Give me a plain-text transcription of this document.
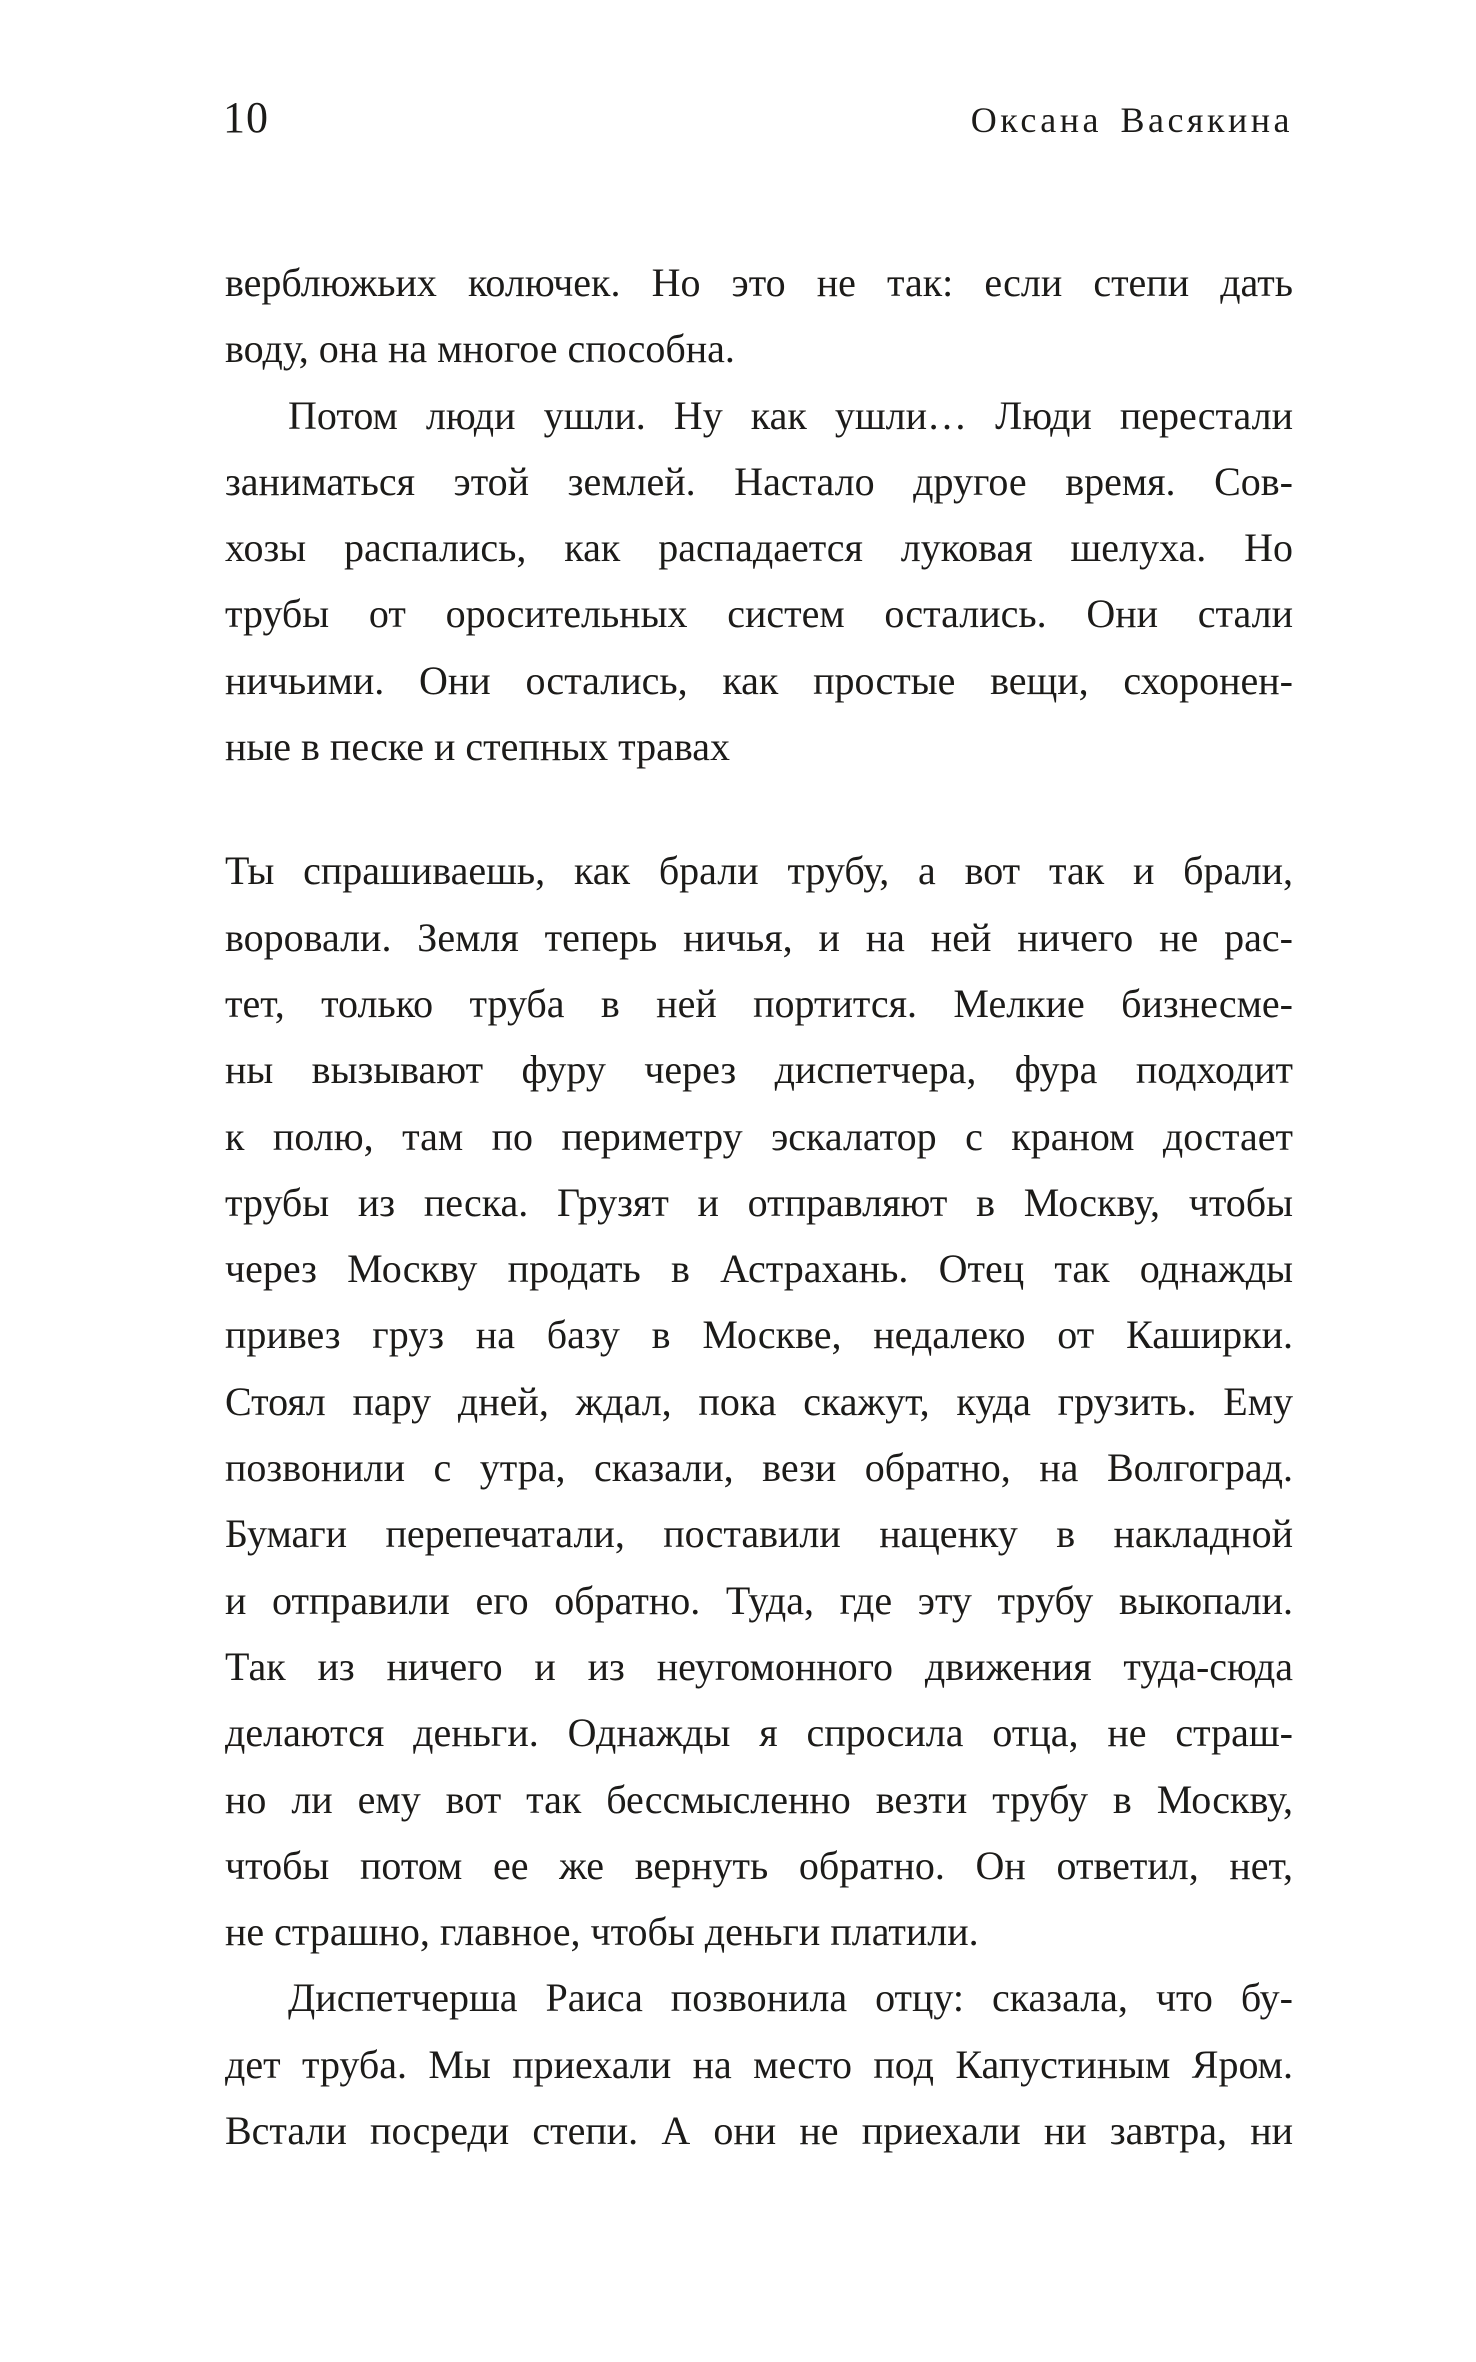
10	Оксана Васякина
верблюжьих колючек. Но это не так: если степи дать
воду, она на многое способна.
Потом люди ушли. Ну как ушли… Люди перестали
заниматься этой землей. Настало другое время. Сов-
хозы распались, как распадается луковая шелуха. Но
трубы от оросительных систем остались. Они стали
ничьими. Они остались, как простые вещи, схоронен-
ные в песке и степных травах
Ты спрашиваешь, как брали трубу, а вот так и брали,
воровали. Земля теперь ничья, и на ней ничего не рас-
тет, только труба в ней портится. Мелкие бизнесме-
ны вызывают фуру через диспетчера, фура подходит
к полю, там по периметру эскалатор с краном достает
трубы из песка. Грузят и отправляют в Москву, чтобы
через Москву продать в Астрахань. Отец так однажды
привез груз на базу в Москве, недалеко от Каширки.
Стоял пару дней, ждал, пока скажут, куда грузить. Ему
позвонили с утра, сказали, вези обратно, на Волгоград.
Бумаги перепечатали, поставили наценку в накладной
и отправили его обратно. Туда, где эту трубу выкопали.
Так из ничего и из неугомонного движения туда-сюда
делаются деньги. Однажды я спросила отца, не страш-
но ли ему вот так бессмысленно везти трубу в Москву,
чтобы потом ее же вернуть обратно. Он ответил, нет,
не страшно, главное, чтобы деньги платили.
Диспетчерша Раиса позвонила отцу: сказала, что бу-
дет труба. Мы приехали на место под Капустиным Яром.
Встали посреди степи. А они не приехали ни завтра, ни
